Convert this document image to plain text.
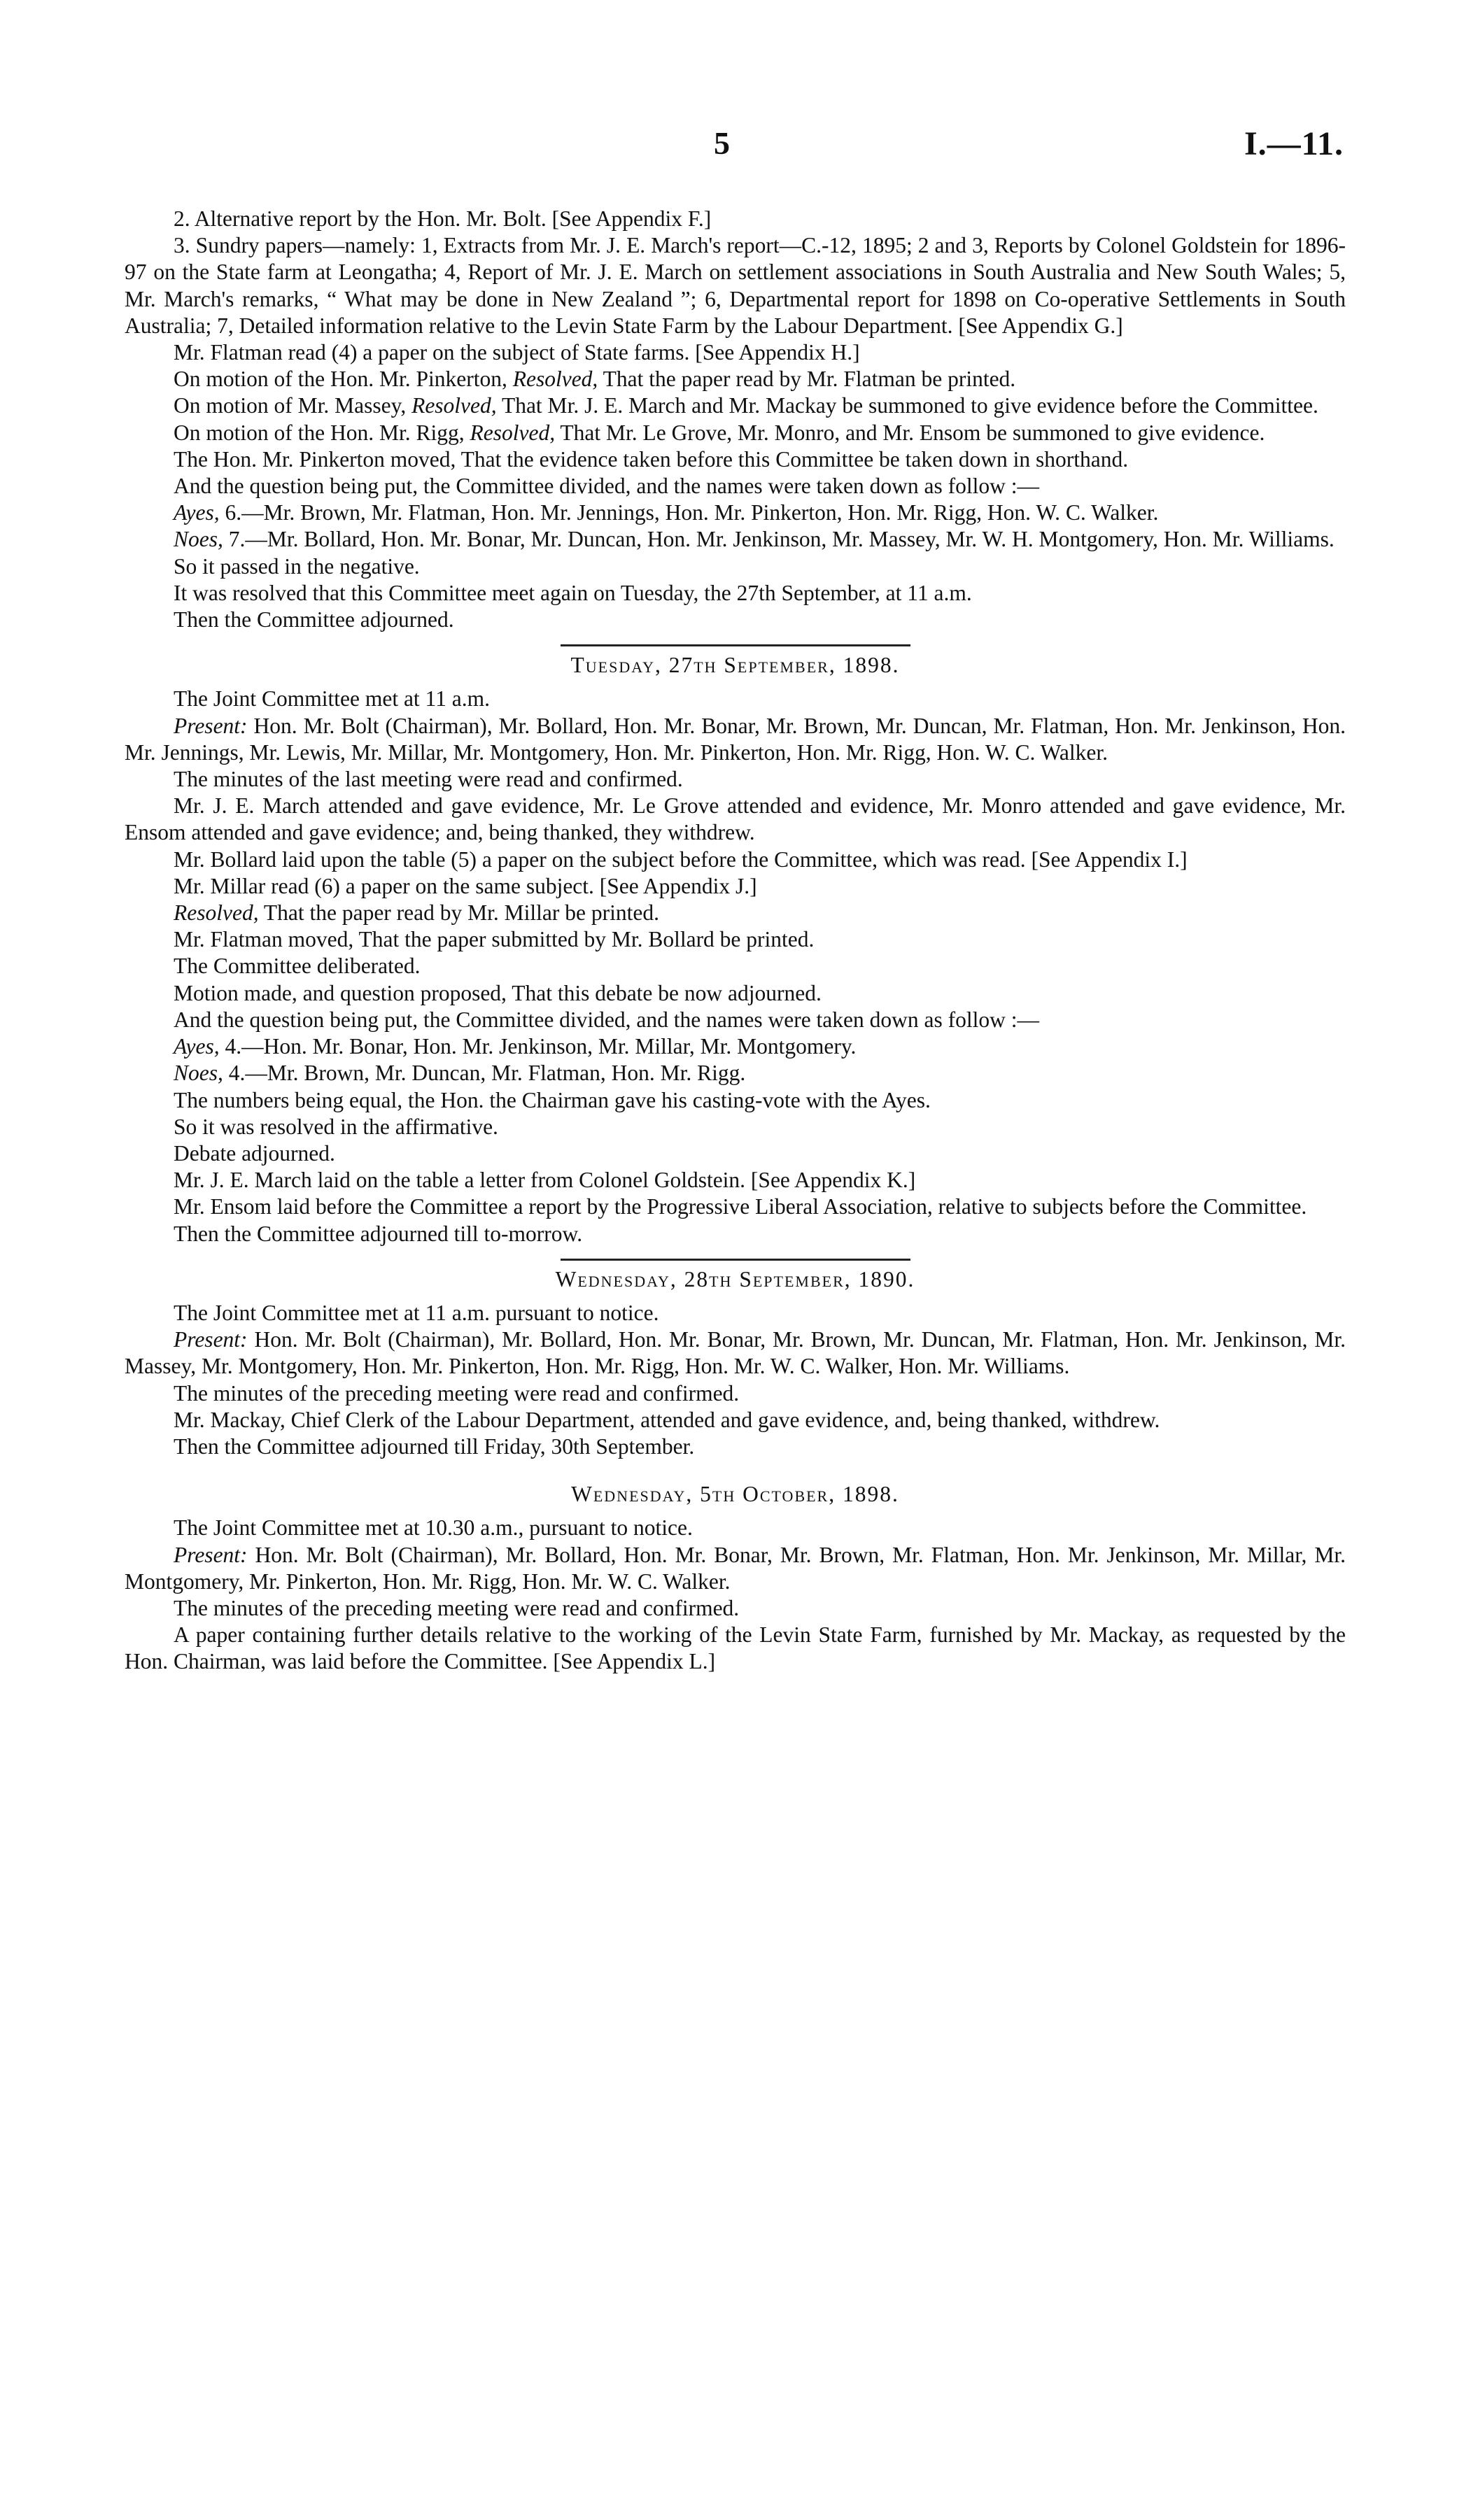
5	I.—11.

2. Alternative report by the Hon. Mr. Bolt. [See Appendix F.]

3. Sundry papers—namely: 1, Extracts from Mr. J. E. March's report—C.-12, 1895; 2 and 3, Reports by Colonel Goldstein for 1896-97 on the State farm at Leongatha; 4, Report of Mr. J. E. March on settlement associations in South Australia and New South Wales; 5, Mr. March's remarks, “ What may be done in New Zealand ”; 6, Departmental report for 1898 on Co-operative Settlements in South Australia; 7, Detailed information relative to the Levin State Farm by the Labour Department. [See Appendix G.]

Mr. Flatman read (4) a paper on the subject of State farms. [See Appendix H.]

On motion of the Hon. Mr. Pinkerton, Resolved, That the paper read by Mr. Flatman be printed.

On motion of Mr. Massey, Resolved, That Mr. J. E. March and Mr. Mackay be summoned to give evidence before the Committee.

On motion of the Hon. Mr. Rigg, Resolved, That Mr. Le Grove, Mr. Monro, and Mr. Ensom be summoned to give evidence.

The Hon. Mr. Pinkerton moved, That the evidence taken before this Committee be taken down in shorthand.

And the question being put, the Committee divided, and the names were taken down as follow :—

Ayes, 6.—Mr. Brown, Mr. Flatman, Hon. Mr. Jennings, Hon. Mr. Pinkerton, Hon. Mr. Rigg, Hon. W. C. Walker.

Noes, 7.—Mr. Bollard, Hon. Mr. Bonar, Mr. Duncan, Hon. Mr. Jenkinson, Mr. Massey, Mr. W. H. Montgomery, Hon. Mr. Williams.

So it passed in the negative.

It was resolved that this Committee meet again on Tuesday, the 27th September, at 11 a.m.

Then the Committee adjourned.

Tuesday, 27th September, 1898.

The Joint Committee met at 11 a.m.

Present: Hon. Mr. Bolt (Chairman), Mr. Bollard, Hon. Mr. Bonar, Mr. Brown, Mr. Duncan, Mr. Flatman, Hon. Mr. Jenkinson, Hon. Mr. Jennings, Mr. Lewis, Mr. Millar, Mr. Montgomery, Hon. Mr. Pinkerton, Hon. Mr. Rigg, Hon. W. C. Walker.

The minutes of the last meeting were read and confirmed.

Mr. J. E. March attended and gave evidence, Mr. Le Grove attended and evidence, Mr. Monro attended and gave evidence, Mr. Ensom attended and gave evidence; and, being thanked, they withdrew.

Mr. Bollard laid upon the table (5) a paper on the subject before the Committee, which was read. [See Appendix I.]

Mr. Millar read (6) a paper on the same subject. [See Appendix J.]

Resolved, That the paper read by Mr. Millar be printed.

Mr. Flatman moved, That the paper submitted by Mr. Bollard be printed.

The Committee deliberated.

Motion made, and question proposed, That this debate be now adjourned.

And the question being put, the Committee divided, and the names were taken down as follow :—

Ayes, 4.—Hon. Mr. Bonar, Hon. Mr. Jenkinson, Mr. Millar, Mr. Montgomery.

Noes, 4.—Mr. Brown, Mr. Duncan, Mr. Flatman, Hon. Mr. Rigg.

The numbers being equal, the Hon. the Chairman gave his casting-vote with the Ayes.

So it was resolved in the affirmative.

Debate adjourned.

Mr. J. E. March laid on the table a letter from Colonel Goldstein. [See Appendix K.]

Mr. Ensom laid before the Committee a report by the Progressive Liberal Association, relative to subjects before the Committee.

Then the Committee adjourned till to-morrow.

Wednesday, 28th September, 1890.

The Joint Committee met at 11 a.m. pursuant to notice.

Present: Hon. Mr. Bolt (Chairman), Mr. Bollard, Hon. Mr. Bonar, Mr. Brown, Mr. Duncan, Mr. Flatman, Hon. Mr. Jenkinson, Mr. Massey, Mr. Montgomery, Hon. Mr. Pinkerton, Hon. Mr. Rigg, Hon. Mr. W. C. Walker, Hon. Mr. Williams.

The minutes of the preceding meeting were read and confirmed.

Mr. Mackay, Chief Clerk of the Labour Department, attended and gave evidence, and, being thanked, withdrew.

Then the Committee adjourned till Friday, 30th September.

Wednesday, 5th October, 1898.

The Joint Committee met at 10.30 a.m., pursuant to notice.

Present: Hon. Mr. Bolt (Chairman), Mr. Bollard, Hon. Mr. Bonar, Mr. Brown, Mr. Flatman, Hon. Mr. Jenkinson, Mr. Millar, Mr. Montgomery, Mr. Pinkerton, Hon. Mr. Rigg, Hon. Mr. W. C. Walker.

The minutes of the preceding meeting were read and confirmed.

A paper containing further details relative to the working of the Levin State Farm, furnished by Mr. Mackay, as requested by the Hon. Chairman, was laid before the Committee. [See Appendix L.]
